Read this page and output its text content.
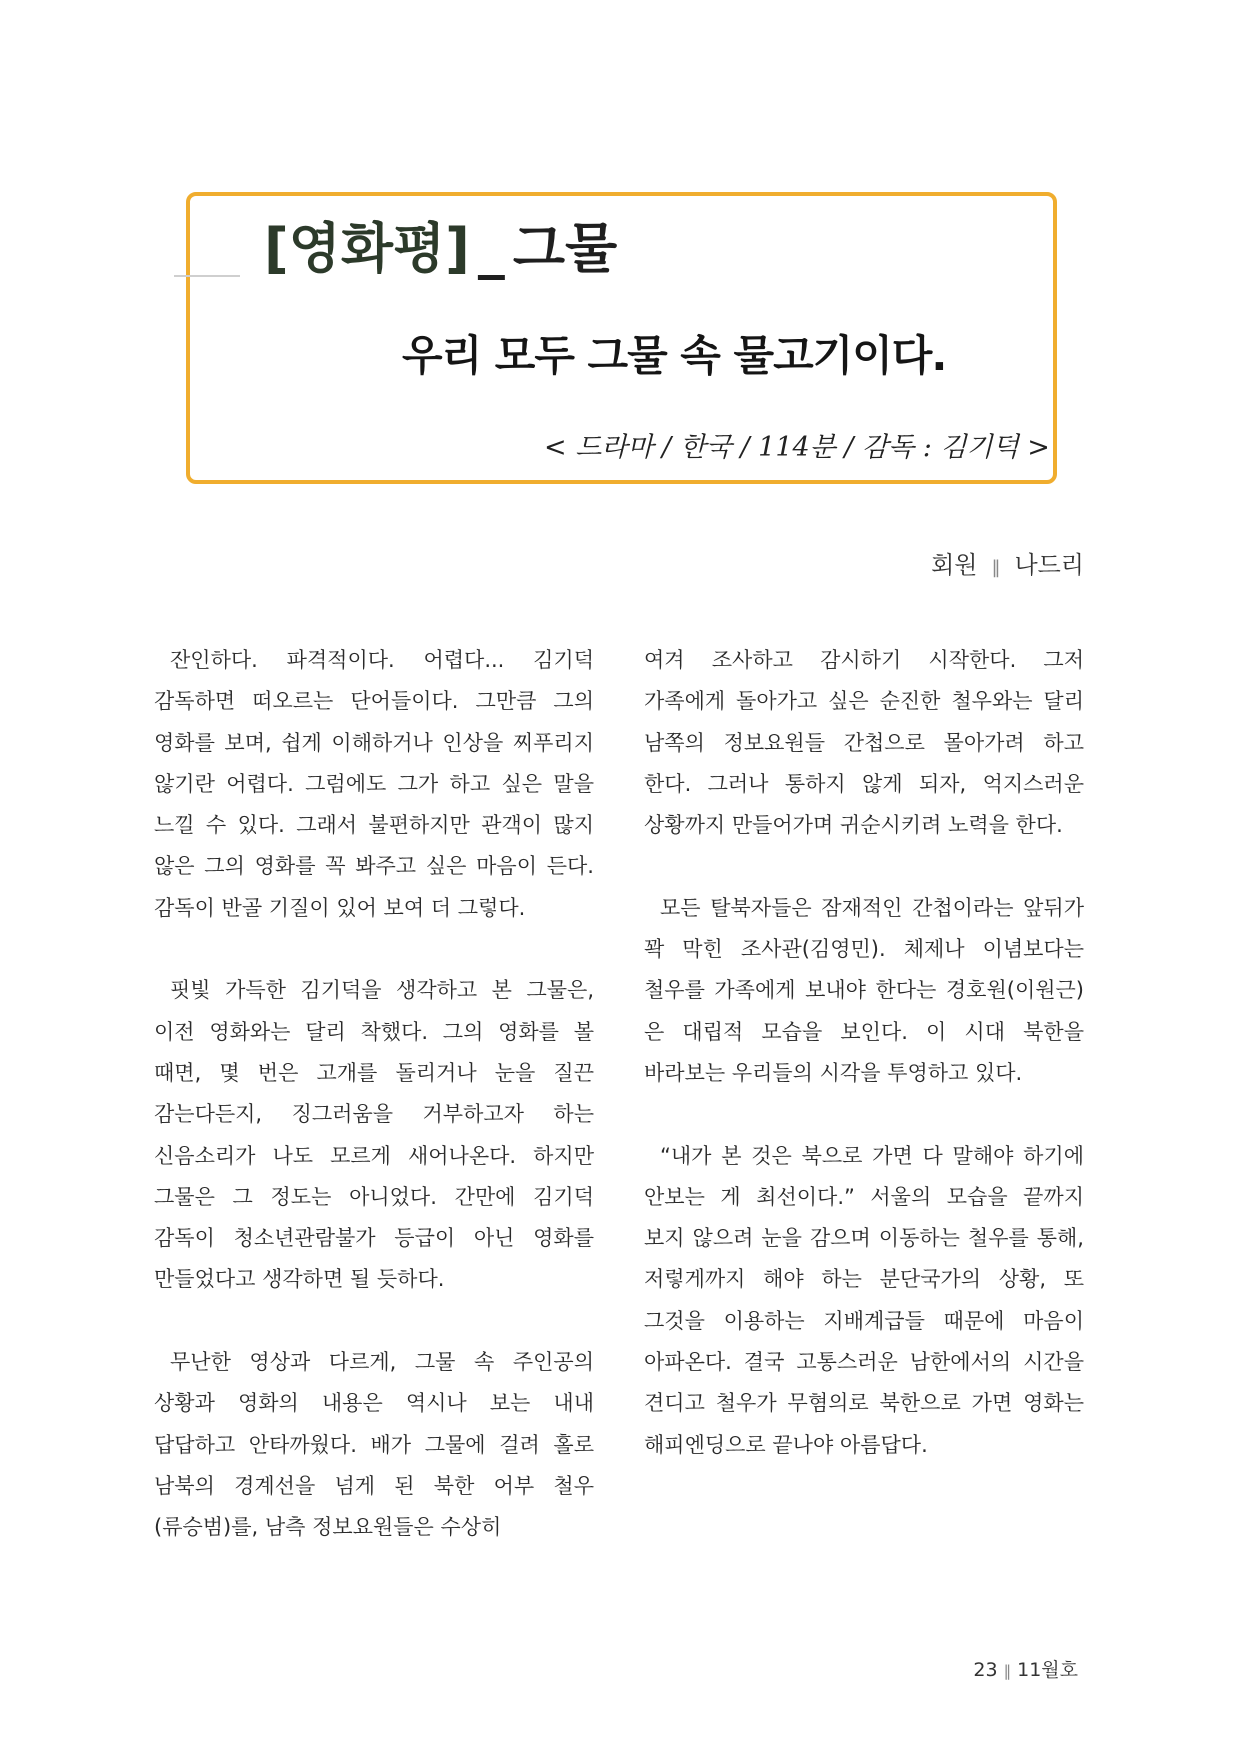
[영화평] _ 그물
우리 모두 그물 속 물고기이다.
< 드라마 / 한국 / 114분 / 감독 : 김기덕 >
회원 ‖ 나드리

잔인하다. 파격적이다. 어렵다... 김기덕 감독하면 떠오르는 단어들이다. 그만큼 그의 영화를 보며, 쉽게 이해하거나 인상을 찌푸리지 않기란 어렵다. 그럼에도 그가 하고 싶은 말을 느낄 수 있다. 그래서 불편하지만 관객이 많지 않은 그의 영화를 꼭 봐주고 싶은 마음이 든다. 감독이 반골 기질이 있어 보여 더 그렇다.

핏빛 가득한 김기덕을 생각하고 본 그물은, 이전 영화와는 달리 착했다. 그의 영화를 볼 때면, 몇 번은 고개를 돌리거나 눈을 질끈 감는다든지, 징그러움을 거부하고자 하는 신음소리가 나도 모르게 새어나온다. 하지만 그물은 그 정도는 아니었다. 간만에 김기덕 감독이 청소년관람불가 등급이 아닌 영화를 만들었다고 생각하면 될 듯하다.

무난한 영상과 다르게, 그물 속 주인공의 상황과 영화의 내용은 역시나 보는 내내 답답하고 안타까웠다. 배가 그물에 걸려 홀로 남북의 경계선을 넘게 된 북한 어부 철우(류승범)를, 남측 정보요원들은 수상히

여겨 조사하고 감시하기 시작한다. 그저 가족에게 돌아가고 싶은 순진한 철우와는 달리 남쪽의 정보요원들 간첩으로 몰아가려 하고 한다. 그러나 통하지 않게 되자, 억지스러운 상황까지 만들어가며 귀순시키려 노력을 한다.

모든 탈북자들은 잠재적인 간첩이라는 앞뒤가 꽉 막힌 조사관(김영민). 체제나 이념보다는 철우를 가족에게 보내야 한다는 경호원(이원근)은 대립적 모습을 보인다. 이 시대 북한을 바라보는 우리들의 시각을 투영하고 있다.

“내가 본 것은 북으로 가면 다 말해야 하기에 안보는 게 최선이다.” 서울의 모습을 끝까지 보지 않으려 눈을 감으며 이동하는 철우를 통해, 저렇게까지 해야 하는 분단국가의 상황, 또 그것을 이용하는 지배계급들 때문에 마음이 아파온다. 결국 고통스러운 남한에서의 시간을 견디고 철우가 무혐의로 북한으로 가면 영화는 해피엔딩으로 끝나야 아름답다.

23 ‖ 11월호
